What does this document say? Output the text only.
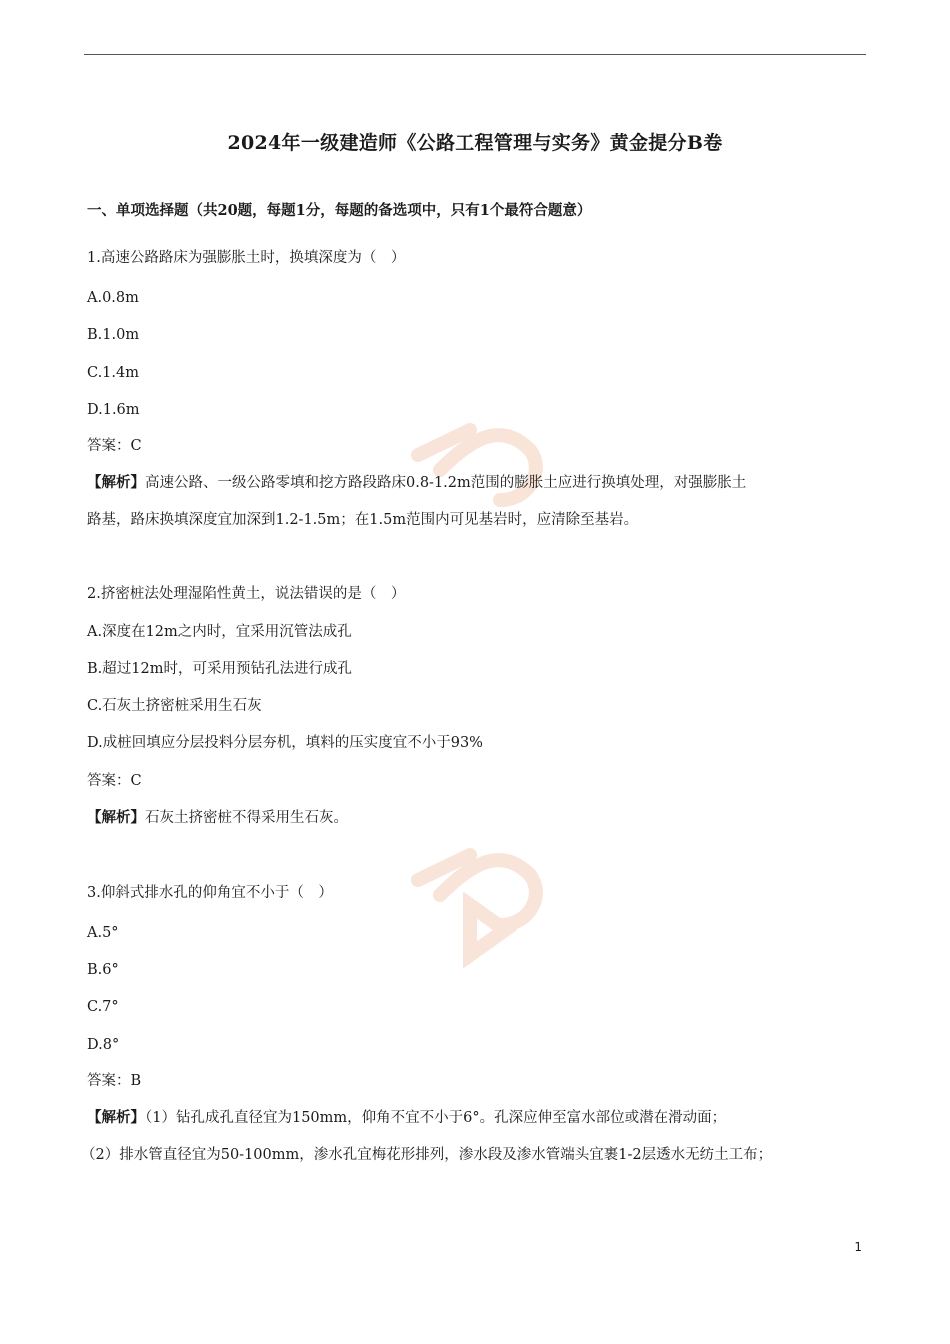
2024年一级建造师《公路工程管理与实务》黄金提分B卷
一、单项选择题（共20题，每题1分，每题的备选项中，只有1个最符合题意）
1.高速公路路床为强膨胀土时，换填深度为（　）
A.0.8m
B.1.0m
C.1.4m
D.1.6m
答案：C
【解析】高速公路、一级公路零填和挖方路段路床0.8-1.2m范围的膨胀土应进行换填处理，对强膨胀土
路基，路床换填深度宜加深到1.2-1.5m；在1.5m范围内可见基岩时，应清除至基岩。
2.挤密桩法处理湿陷性黄土，说法错误的是（　）
A.深度在12m之内时，宜采用沉管法成孔
B.超过12m时，可采用预钻孔法进行成孔
C.石灰土挤密桩采用生石灰
D.成桩回填应分层投料分层夯机，填料的压实度宜不小于93%
答案：C
【解析】石灰土挤密桩不得采用生石灰。
3.仰斜式排水孔的仰角宜不小于（　）
A.5°
B.6°
C.7°
D.8°
答案：B
【解析】（1）钻孔成孔直径宜为150mm，仰角不宜不小于6°。孔深应伸至富水部位或潜在滑动面；
（2）排水管直径宜为50-100mm，渗水孔宜梅花形排列，渗水段及渗水管端头宜裹1-2层透水无纺土工布；
1
